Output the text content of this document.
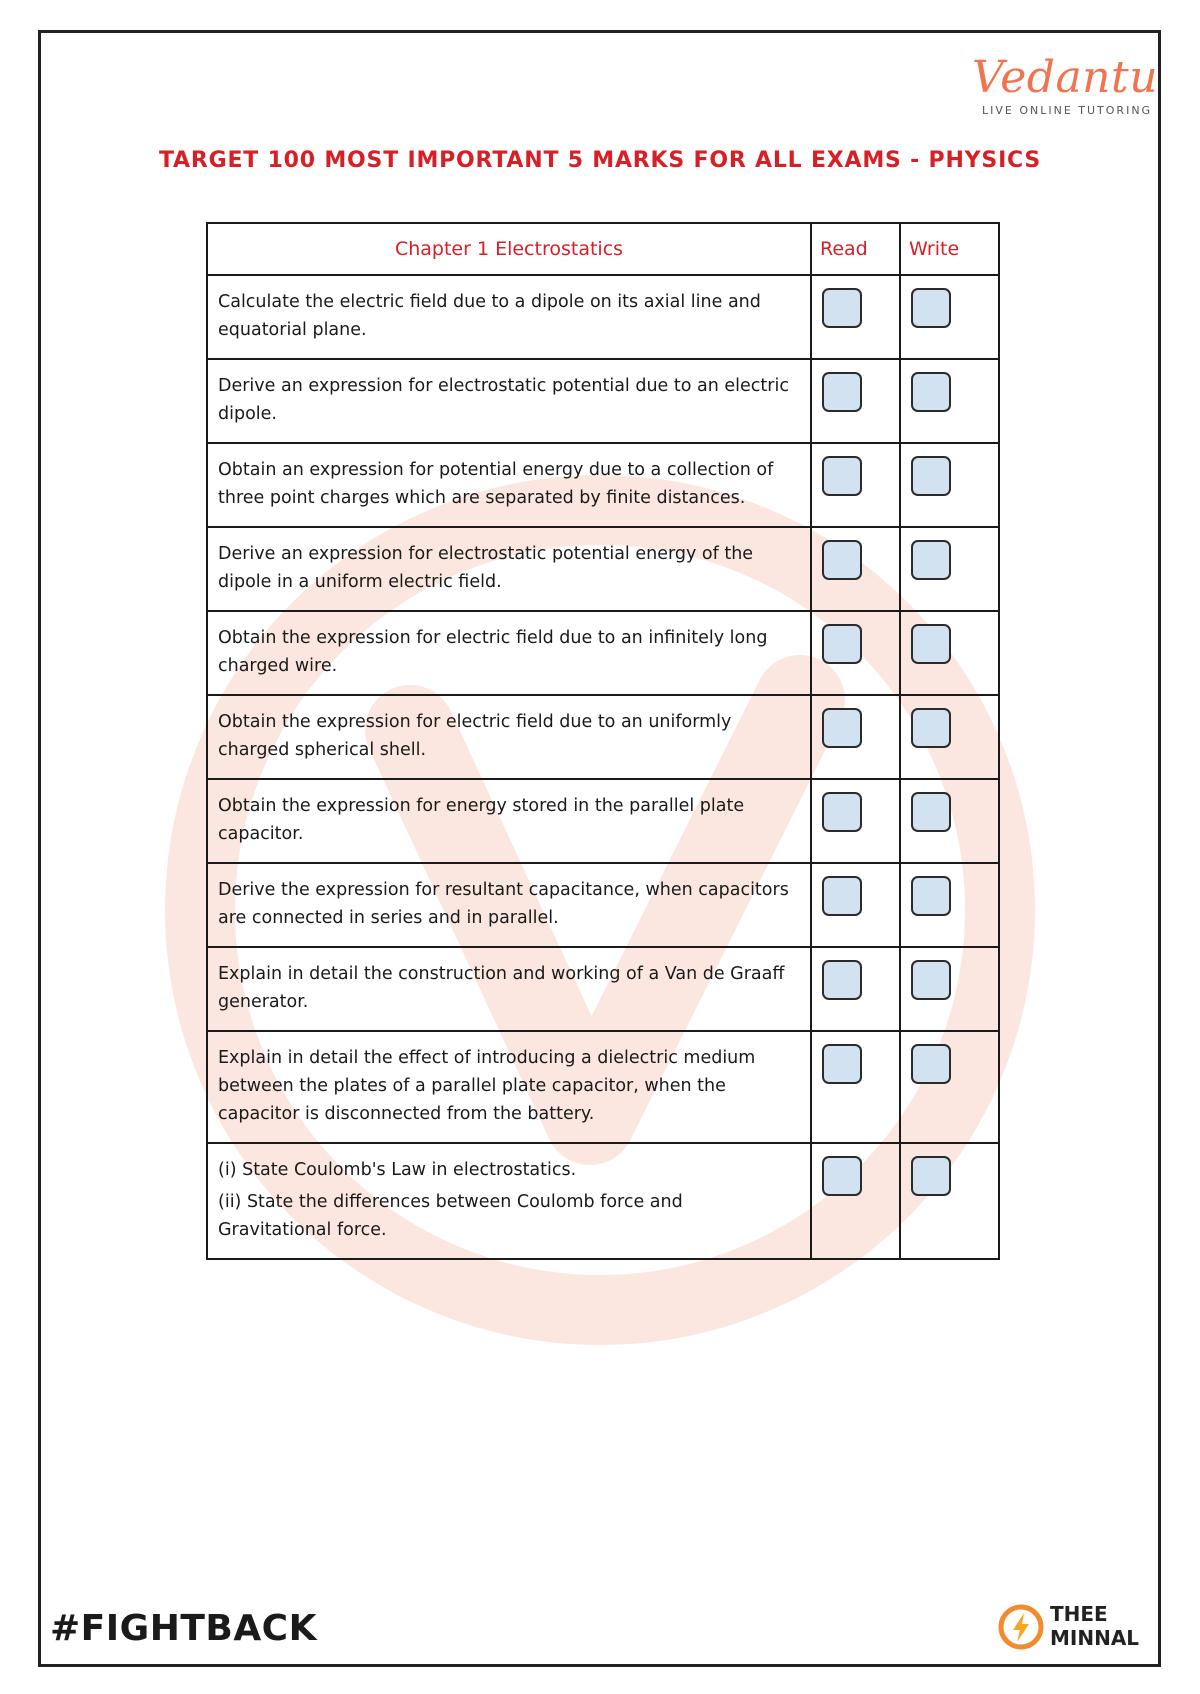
Vedantu
LIVE ONLINE TUTORING
TARGET 100 MOST IMPORTANT 5 MARKS FOR ALL EXAMS - PHYSICS
Chapter 1 Electrostatics	Read	Write

Calculate the electric field due to a dipole on its axial line and equatorial plane.		

Derive an expression for electrostatic potential due to an electric dipole.		

Obtain an expression for potential energy due to a collection of three point charges which are separated by finite distances.		

Derive an expression for electrostatic potential energy of the dipole in a uniform electric field.		

Obtain the expression for electric field due to an infinitely long charged wire.		

Obtain the expression for electric field due to an uniformly charged spherical shell.		

Obtain the expression for energy stored in the parallel plate capacitor.		

Derive the expression for resultant capacitance, when capacitors are connected in series and in parallel.		

Explain in detail the construction and working of a Van de Graaff generator.		

Explain in detail the effect of introducing a dielectric medium between the plates of a parallel plate capacitor, when the capacitor is disconnected from the battery.		

(i) State Coulomb's Law in electrostatics.

(ii) State the differences between Coulomb force and Gravitational force.		

#FIGHTBACK	THEE
MINNAL
